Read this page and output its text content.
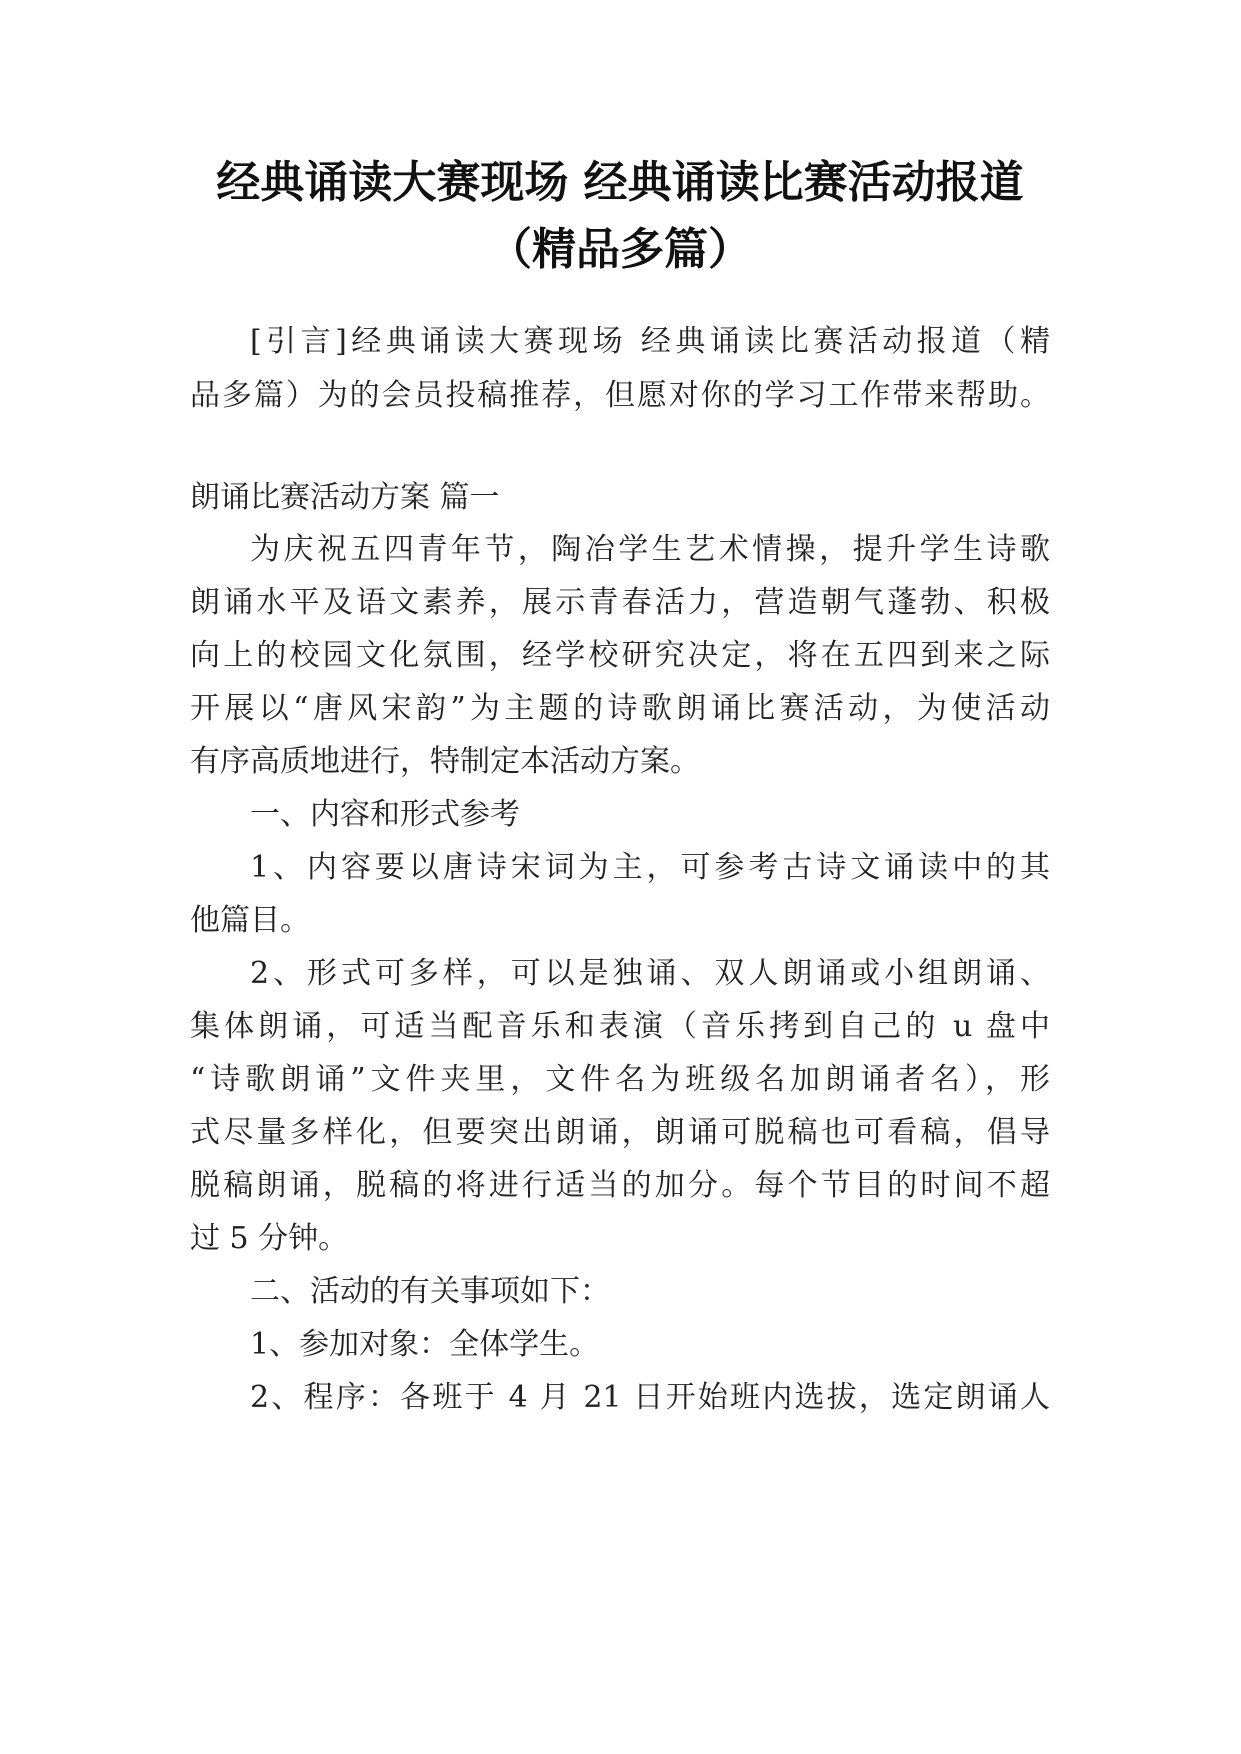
经典诵读大赛现场 经典诵读比赛活动报道
（精品多篇）
[引言]经典诵读大赛现场 经典诵读比赛活动报道（精
品多篇）为的会员投稿推荐，但愿对你的学习工作带来帮助。
朗诵比赛活动方案 篇一
为庆祝五四青年节，陶冶学生艺术情操，提升学生诗歌
朗诵水平及语文素养，展示青春活力，营造朝气蓬勃、积极
向上的校园文化氛围，经学校研究决定，将在五四到来之际
开展以“唐风宋韵”为主题的诗歌朗诵比赛活动，为使活动
有序高质地进行，特制定本活动方案。
一、内容和形式参考
1、内容要以唐诗宋词为主，可参考古诗文诵读中的其
他篇目。
2、形式可多样，可以是独诵、双人朗诵或小组朗诵、
集体朗诵，可适当配音乐和表演（音乐拷到自己的 u 盘中
“诗歌朗诵”文件夹里，文件名为班级名加朗诵者名），形
式尽量多样化，但要突出朗诵，朗诵可脱稿也可看稿，倡导
脱稿朗诵，脱稿的将进行适当的加分。每个节目的时间不超
过 5 分钟。
二、活动的有关事项如下：
1、参加对象：全体学生。
2、程序：各班于 4 月 21 日开始班内选拔，选定朗诵人
